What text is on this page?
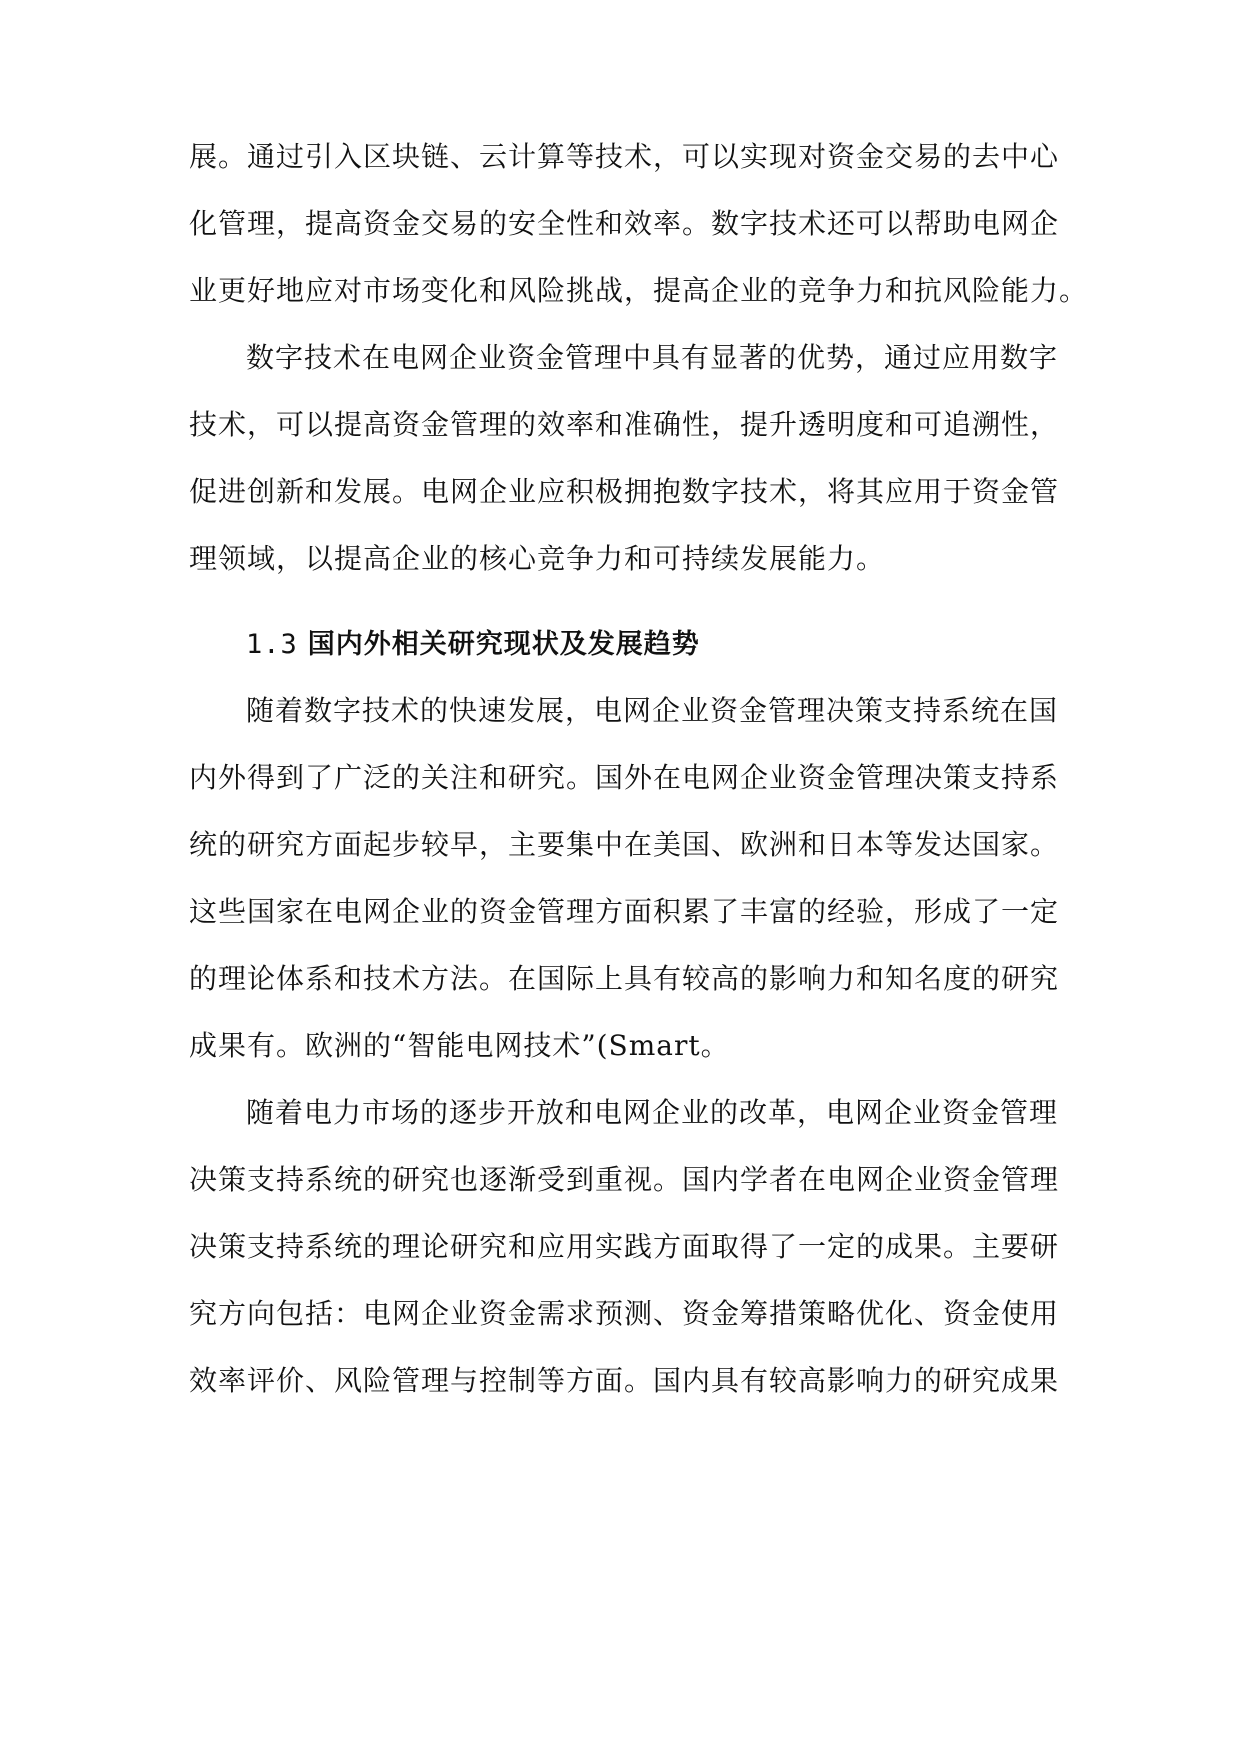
展。通过引入区块链、云计算等技术，可以实现对资金交易的去中心
化管理，提高资金交易的安全性和效率。数字技术还可以帮助电网企
业更好地应对市场变化和风险挑战，提高企业的竞争力和抗风险能力。
数字技术在电网企业资金管理中具有显著的优势，通过应用数字
技术，可以提高资金管理的效率和准确性，提升透明度和可追溯性，
促进创新和发展。电网企业应积极拥抱数字技术，将其应用于资金管
理领域，以提高企业的核心竞争力和可持续发展能力。
1.3 国内外相关研究现状及发展趋势
随着数字技术的快速发展，电网企业资金管理决策支持系统在国
内外得到了广泛的关注和研究。国外在电网企业资金管理决策支持系
统的研究方面起步较早，主要集中在美国、欧洲和日本等发达国家。
这些国家在电网企业的资金管理方面积累了丰富的经验，形成了一定
的理论体系和技术方法。在国际上具有较高的影响力和知名度的研究
成果有。欧洲的“智能电网技术”(Smart。
随着电力市场的逐步开放和电网企业的改革，电网企业资金管理
决策支持系统的研究也逐渐受到重视。国内学者在电网企业资金管理
决策支持系统的理论研究和应用实践方面取得了一定的成果。主要研
究方向包括：电网企业资金需求预测、资金筹措策略优化、资金使用
效率评价、风险管理与控制等方面。国内具有较高影响力的研究成果
